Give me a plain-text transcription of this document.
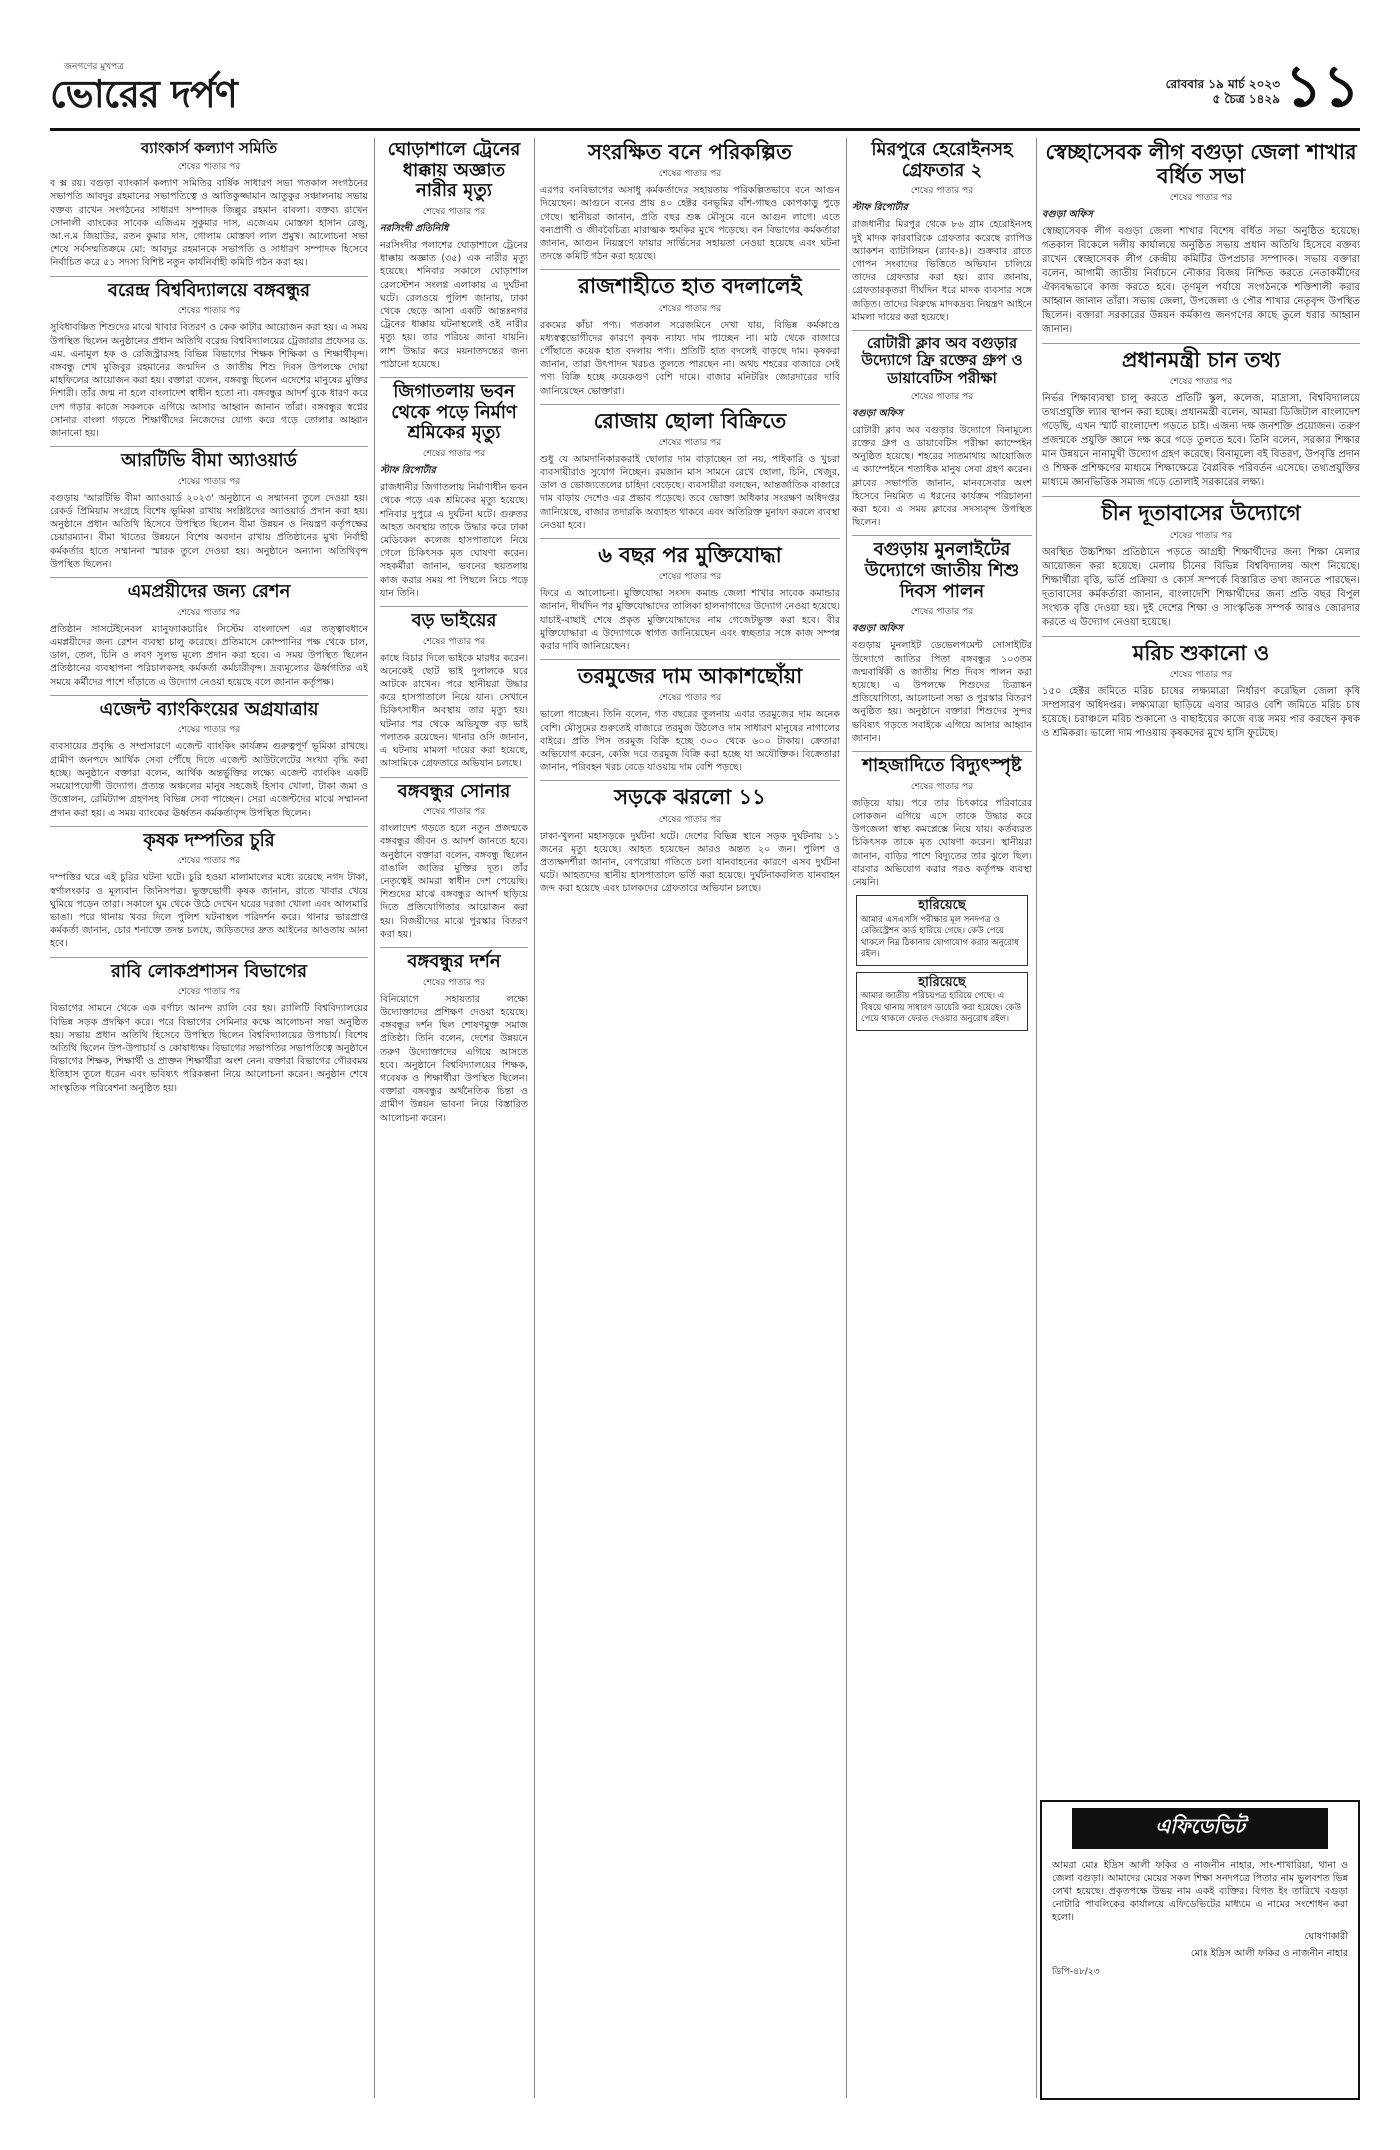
জনগণের মুখপত্র
ভোরের দর্পণ	রোববার ১৯ মার্চ ২০২৩
৫ চৈত্র ১৪২৯ ১১
ব্যাংকার্স কল্যাণ সমিতি
শেষের পাতার পর
ব ক্স রয়। বগুড়া ব্যাংকার্স কল্যাণ সমিতির বার্ষিক সাধারণ সভা গতকাল সংগঠনের সভাপতি আবদুর রহমানের সভাপতিত্বে ও আতিকুজ্জামান আতুকুর সঞ্চালনায় সভায় বক্তব্য রাখেন সংগঠনের সাধারণ সম্পাদক জিল্লুর রহমান বাবলা। বক্তব্য রাখেন সোনালী ব্যাংকের সাবেক এজিএম সুকুমার দাস, এজেএম মোস্তফা হাসান রেজু, আ.ন.ম জিয়াউর, রতন কুমার দাস, গোলাম মোস্তফা লাল প্রমুখ। আলোচনা সভা শেষে সর্বসম্মতিক্রমে মো: আবদুর রহমানকে সভাপতি ও সাধারণ সম্পাদক হিসেবে নির্বাচিত করে ৫১ সদস্য বিশিষ্ট নতুন কার্যনির্বাহী কমিটি গঠন করা হয়।
বরেন্দ্র বিশ্ববিদ্যালয়ে বঙ্গবন্ধুর
শেষের পাতার পর
সুবিধাবঞ্চিত শিশুদের মাঝে খাবার বিতরণ ও কেক কাটার আয়োজন করা হয়। এ সময় উপস্থিত ছিলেন অনুষ্ঠানের প্রধান অতিথি বরেন্দ্র বিশ্ববিদ্যালয়ের ট্রেজারার প্রফেসর ড. এম. এনামুল হক ও রেজিস্ট্রারসহ বিভিন্ন বিভাগের শিক্ষক শিক্ষিকা ও শিক্ষার্থীবৃন্দ। বঙ্গবন্ধু শেখ মুজিবুর রহমানের জন্মদিন ও জাতীয় শিশু দিবস উপলক্ষে দোয়া মাহফিলের আয়োজন করা হয়। বক্তারা বলেন, বঙ্গবন্ধু ছিলেন এদেশের মানুষের মুক্তির দিশারী। তাঁর জন্ম না হলে বাংলাদেশ স্বাধীন হতো না। বঙ্গবন্ধুর আদর্শ বুকে ধারণ করে দেশ গড়ার কাজে সকলকে এগিয়ে আসার আহ্বান জানান তাঁরা। বঙ্গবন্ধুর স্বপ্নের সোনার বাংলা গড়তে শিক্ষার্থীদের নিজেদের যোগ্য করে গড়ে তোলার আহ্বান জানানো হয়।
আরটিভি বীমা অ্যাওয়ার্ড
শেষের পাতার পর
বগুড়ায় 'আরটিভি বীমা অ্যাওয়ার্ড ২০২৩' অনুষ্ঠানে এ সম্মাননা তুলে দেওয়া হয়। রেকর্ড প্রিমিয়াম সংগ্রহে বিশেষ ভূমিকা রাখায় সংশ্লিষ্টদের অ্যাওয়ার্ড প্রদান করা হয়। অনুষ্ঠানে প্রধান অতিথি হিসেবে উপস্থিত ছিলেন বীমা উন্নয়ন ও নিয়ন্ত্রণ কর্তৃপক্ষের চেয়ারম্যান। বীমা খাতের উন্নয়নে বিশেষ অবদান রাখায় প্রতিষ্ঠানের মুখ্য নির্বাহী কর্মকর্তার হাতে সম্মাননা স্মারক তুলে দেওয়া হয়। অনুষ্ঠানে অন্যান্য অতিথিবৃন্দ উপস্থিত ছিলেন।
এমপ্রয়ীদের জন্য রেশন
শেষের পাতার পর
প্রতিষ্ঠান সাসটেইনেবল ম্যানুফ্যাকচারিং সিস্টেম বাংলাদেশ এর তত্ত্বাবধানে এমপ্লয়ীদের জন্য রেশন ব্যবস্থা চালু করেছে। প্রতিমাসে কোম্পানির পক্ষ থেকে চাল, ডাল, তেল, চিনি ও লবণ সুলভ মূল্যে প্রদান করা হবে। এ সময় উপস্থিত ছিলেন প্রতিষ্ঠানের ব্যবস্থাপনা পরিচালকসহ কর্মকর্তা কর্মচারীবৃন্দ। দ্রব্যমূল্যের ঊর্ধ্বগতির এই সময়ে কর্মীদের পাশে দাঁড়াতে এ উদ্যোগ নেওয়া হয়েছে বলে জানান কর্তৃপক্ষ।
এজেন্ট ব্যাংকিংয়ের অগ্রযাত্রায়
শেষের পাতার পর
ব্যবসায়ের প্রবৃদ্ধি ও সম্প্রসারণে এজেন্ট ব্যাংকিং কার্যক্রম গুরুত্বপূর্ণ ভূমিকা রাখছে। গ্রামীণ জনপদে আর্থিক সেবা পৌঁছে দিতে এজেন্ট আউটলেটের সংখ্যা বৃদ্ধি করা হচ্ছে। অনুষ্ঠানে বক্তারা বলেন, আর্থিক অন্তর্ভুক্তির লক্ষ্যে এজেন্ট ব্যাংকিং একটি সময়োপযোগী উদ্যোগ। প্রত্যন্ত অঞ্চলের মানুষ সহজেই হিসাব খোলা, টাকা জমা ও উত্তোলন, রেমিট্যান্স গ্রহণসহ বিভিন্ন সেবা পাচ্ছেন। সেরা এজেন্টদের মাঝে সম্মাননা প্রদান করা হয়। এ সময় ব্যাংকের ঊর্ধ্বতন কর্মকর্তাবৃন্দ উপস্থিত ছিলেন।
কৃষক দম্পতির চুরি
শেষের পাতার পর
দম্পত্তির ঘরে এই চুরির ঘটনা ঘটে। চুরি হওয়া মালামালের মধ্যে রয়েছে নগদ টাকা, স্বর্ণালংকার ও মূল্যবান জিনিসপত্র। ভুক্তভোগী কৃষক জানান, রাতে খাবার খেয়ে ঘুমিয়ে পড়েন তারা। সকালে ঘুম থেকে উঠে দেখেন ঘরের দরজা খোলা এবং আলমারি ভাঙা। পরে থানায় খবর দিলে পুলিশ ঘটনাস্থল পরিদর্শন করে। থানার ভারপ্রাপ্ত কর্মকর্তা জানান, চোর শনাক্তে তদন্ত চলছে, জড়িতদের দ্রুত আইনের আওতায় আনা হবে।
রাবি লোকপ্রশাসন বিভাগের
শেষের পাতার পর
বিভাগের সামনে থেকে এক বর্ণাঢ্য আনন্দ র‍্যালি বের হয়। র‍্যালিটি বিশ্ববিদ্যালয়ের বিভিন্ন সড়ক প্রদক্ষিণ করে। পরে বিভাগের সেমিনার কক্ষে আলোচনা সভা অনুষ্ঠিত হয়। সভায় প্রধান অতিথি হিসেবে উপস্থিত ছিলেন বিশ্ববিদ্যালয়ের উপাচার্য। বিশেষ অতিথি ছিলেন উপ-উপাচার্য ও কোষাধ্যক্ষ। বিভাগের সভাপতির সভাপতিত্বে অনুষ্ঠানে বিভাগের শিক্ষক, শিক্ষার্থী ও প্রাক্তন শিক্ষার্থীরা অংশ নেন। বক্তারা বিভাগের গৌরবময় ইতিহাস তুলে ধরেন এবং ভবিষ্যৎ পরিকল্পনা নিয়ে আলোচনা করেন। অনুষ্ঠান শেষে সাংস্কৃতিক পরিবেশনা অনুষ্ঠিত হয়।
ঘোড়াশালে ট্রেনের ধাক্কায় অজ্ঞাত নারীর মৃত্যু
শেষের পাতার পর
নরসিংদী প্রতিনিধি
নরসিংদীর পলাশের ঘোড়াশালে ট্রেনের ধাক্কায় অজ্ঞাত (৩৫) এক নারীর মৃত্যু হয়েছে। শনিবার সকালে ঘোড়াশাল রেলস্টেশন সংলগ্ন এলাকায় এ দুর্ঘটনা ঘটে। রেলওয়ে পুলিশ জানায়, ঢাকা থেকে ছেড়ে আসা একটি আন্তঃনগর ট্রেনের ধাক্কায় ঘটনাস্থলেই ওই নারীর মৃত্যু হয়। তার পরিচয় জানা যায়নি। লাশ উদ্ধার করে ময়নাতদন্তের জন্য পাঠানো হয়েছে।
জিগাতলায় ভবন থেকে পড়ে নির্মাণ শ্রমিকের মৃত্যু
শেষের পাতার পর
স্টাফ রিপোর্টার
রাজধানীর জিগাতলায় নির্মাণাধীন ভবন থেকে পড়ে এক শ্রমিকের মৃত্যু হয়েছে। শনিবার দুপুরে এ দুর্ঘটনা ঘটে। গুরুতর আহত অবস্থায় তাকে উদ্ধার করে ঢাকা মেডিকেল কলেজ হাসপাতালে নিয়ে গেলে চিকিৎসক মৃত ঘোষণা করেন। সহকর্মীরা জানান, ভবনের ছয়তলায় কাজ করার সময় পা পিছলে নিচে পড়ে যান তিনি।
বড় ভাইয়ের
শেষের পাতার পর
কাছে বিচার দিলে ভাইকে মারধর করেন। অনেকেই ছোট ভাই দুলালকে ঘরে আটকে রাখেন। পরে স্থানীয়রা উদ্ধার করে হাসপাতালে নিয়ে যান। সেখানে চিকিৎসাধীন অবস্থায় তার মৃত্যু হয়। ঘটনার পর থেকে অভিযুক্ত বড় ভাই পলাতক রয়েছেন। থানার ওসি জানান, এ ঘটনায় মামলা দায়ের করা হয়েছে, আসামিকে গ্রেফতারে অভিযান চলছে।
বঙ্গবন্ধুর সোনার
শেষের পাতার পর
বাংলাদেশ গড়তে হলে নতুন প্রজন্মকে বঙ্গবন্ধুর জীবন ও আদর্শ জানতে হবে। অনুষ্ঠানে বক্তারা বলেন, বঙ্গবন্ধু ছিলেন বাঙালি জাতির মুক্তির দূত। তাঁর নেতৃত্বেই আমরা স্বাধীন দেশ পেয়েছি। শিশুদের মাঝে বঙ্গবন্ধুর আদর্শ ছড়িয়ে দিতে প্রতিযোগিতার আয়োজন করা হয়। বিজয়ীদের মাঝে পুরস্কার বিতরণ করা হয়।
বঙ্গবন্ধুর দর্শন
শেষের পাতার পর
বিনিয়োগে সহায়তার লক্ষ্যে উদ্যোক্তাদের প্রশিক্ষণ দেওয়া হয়েছে। বঙ্গবন্ধুর দর্শন ছিল শোষণমুক্ত সমাজ প্রতিষ্ঠা। তিনি বলেন, দেশের উন্নয়নে তরুণ উদ্যোক্তাদের এগিয়ে আসতে হবে। অনুষ্ঠানে বিশ্ববিদ্যালয়ের শিক্ষক, গবেষক ও শিক্ষার্থীরা উপস্থিত ছিলেন। বক্তারা বঙ্গবন্ধুর অর্থনৈতিক চিন্তা ও গ্রামীণ উন্নয়ন ভাবনা নিয়ে বিস্তারিত আলোচনা করেন।
সংরক্ষিত বনে পরিকল্পিত
শেষের পাতার পর
এরপর বনবিভাগের অসাধু কর্মকর্তাদের সহায়তায় পরিকল্পিতভাবে বনে আগুন দিয়েছেন। আগুনে বনের প্রায় ৪০ হেক্টর বনভূমির বাঁশ-গাছও কোপকাড়ু পুড়ে গেছে। স্থানীয়রা জানান, প্রতি বছর শুষ্ক মৌসুমে বনে আগুন লাগে। এতে বন্যপ্রাণী ও জীববৈচিত্র্য মারাত্মক হুমকির মুখে পড়েছে। বন বিভাগের কর্মকর্তারা জানান, আগুন নিয়ন্ত্রণে ফায়ার সার্ভিসের সহায়তা নেওয়া হয়েছে এবং ঘটনা তদন্তে কমিটি গঠন করা হয়েছে।
রাজশাহীতে হাত বদলালেই
শেষের পাতার পর
রকমের কাঁচা পণ্য। গতকাল সরেজমিনে দেখা যায়, বিভিন্ন কর্মকাণ্ডে মধ্যস্বত্বভোগীদের কারণে কৃষক ন্যায্য দাম পাচ্ছেন না। মাঠ থেকে বাজারে পৌঁছাতে কয়েক হাত বদলায় পণ্য। প্রতিটি হাত বদলেই বাড়ছে দাম। কৃষকরা জানান, তারা উৎপাদন খরচও তুলতে পারছেন না। অথচ শহরের বাজারে সেই পণ্য বিক্রি হচ্ছে কয়েকগুণ বেশি দামে। বাজার মনিটরিং জোরদারের দাবি জানিয়েছেন ভোক্তারা।
রোজায় ছোলা বিক্রিতে
শেষের পাতার পর
শুধু যে আমদানিকারকরাই ছোলার দাম বাড়াচ্ছেন তা নয়, পাইকারি ও খুচরা ব্যবসায়ীরাও সুযোগ নিচ্ছেন। রমজান মাস সামনে রেখে ছোলা, চিনি, খেজুর, ডাল ও ভোজ্যতেলের চাহিদা বেড়েছে। ব্যবসায়ীরা বলছেন, আন্তর্জাতিক বাজারে দাম বাড়ায় দেশেও এর প্রভাব পড়েছে। তবে ভোক্তা অধিকার সংরক্ষণ অধিদপ্তর জানিয়েছে, বাজার তদারকি অব্যাহত থাকবে এবং অতিরিক্ত মুনাফা করলে ব্যবস্থা নেওয়া হবে।
৬ বছর পর মুক্তিযোদ্ধা
শেষের পাতার পর
ফিরে এ আলোচনা। মুক্তিযোদ্ধা সংসদ কমান্ড জেলা শাখার সাবেক কমান্ডার জানান, দীর্ঘদিন পর মুক্তিযোদ্ধাদের তালিকা হালনাগাদের উদ্যোগ নেওয়া হয়েছে। যাচাই-বাছাই শেষে প্রকৃত মুক্তিযোদ্ধাদের নাম গেজেটভুক্ত করা হবে। বীর মুক্তিযোদ্ধারা এ উদ্যোগকে স্বাগত জানিয়েছেন এবং স্বচ্ছতার সঙ্গে কাজ সম্পন্ন করার দাবি জানিয়েছেন।
তরমুজের দাম আকাশছোঁয়া
শেষের পাতার পর
ভালো পাচ্ছেন। তিনি বলেন, গত বছরের তুলনায় এবার তরমুজের দাম অনেক বেশি। মৌসুমের শুরুতেই বাজারে তরমুজ উঠলেও দাম সাধারণ মানুষের নাগালের বাইরে। প্রতি পিস তরমুজ বিক্রি হচ্ছে ৩০০ থেকে ৬০০ টাকায়। ক্রেতারা অভিযোগ করেন, কেজি দরে তরমুজ বিক্রি করা হচ্ছে যা অযৌক্তিক। বিক্রেতারা জানান, পরিবহন খরচ বেড়ে যাওয়ায় দাম বেশি পড়ছে।
সড়কে ঝরলো ১১
শেষের পাতার পর
ঢাকা-খুলনা মহাসড়কে দুর্ঘটনা ঘটে। দেশের বিভিন্ন স্থানে সড়ক দুর্ঘটনায় ১১ জনের মৃত্যু হয়েছে। আহত হয়েছেন আরও অন্তত ২০ জন। পুলিশ ও প্রত্যক্ষদর্শীরা জানান, বেপরোয়া গতিতে চলা যানবাহনের কারণে এসব দুর্ঘটনা ঘটে। আহতদের স্থানীয় হাসপাতালে ভর্তি করা হয়েছে। দুর্ঘটনাকবলিত যানবাহন জব্দ করা হয়েছে এবং চালকদের গ্রেফতারে অভিযান চলছে।
মিরপুরে হেরোইনসহ গ্রেফতার ২
শেষের পাতার পর
স্টাফ রিপোর্টার
রাজধানীর মিরপুর থেকে ৮৬ গ্রাম হেরোইনসহ দুই মাদক কারবারিকে গ্রেফতার করেছে র‍্যাপিড অ্যাকশন ব্যাটালিয়ন (র‍্যাব-৪)। শুক্রবার রাতে গোপন সংবাদের ভিত্তিতে অভিযান চালিয়ে তাদের গ্রেফতার করা হয়। র‍্যাব জানায়, গ্রেফতারকৃতরা দীর্ঘদিন ধরে মাদক ব্যবসার সঙ্গে জড়িত। তাদের বিরুদ্ধে মাদকদ্রব্য নিয়ন্ত্রণ আইনে মামলা দায়ের করা হয়েছে।
রোটারী ক্লাব অব বগুড়ার উদ্যোগে ফ্রি রক্তের গ্রুপ ও ডায়াবেটিস পরীক্ষা
শেষের পাতার পর
বগুড়া অফিস
রোটারী ক্লাব অব বগুড়ার উদ্যোগে বিনামূল্যে রক্তের গ্রুপ ও ডায়াবেটিস পরীক্ষা ক্যাম্পেইন অনুষ্ঠিত হয়েছে। শহরের সাতমাথায় আয়োজিত এ ক্যাম্পেইনে শতাধিক মানুষ সেবা গ্রহণ করেন। ক্লাবের সভাপতি জানান, মানবসেবার অংশ হিসেবে নিয়মিত এ ধরনের কার্যক্রম পরিচালনা করা হবে। এ সময় ক্লাবের সদস্যবৃন্দ উপস্থিত ছিলেন।
বগুড়ায় মুনলাইটের উদ্যোগে জাতীয় শিশু দিবস পালন
শেষের পাতার পর
বগুড়া অফিস
বগুড়ায় মুনলাইট ডেভেলপমেন্ট সোসাইটির উদ্যোগে জাতির পিতা বঙ্গবন্ধুর ১০৩তম জন্মবার্ষিকী ও জাতীয় শিশু দিবস পালন করা হয়েছে। এ উপলক্ষে শিশুদের চিত্রাঙ্কন প্রতিযোগিতা, আলোচনা সভা ও পুরস্কার বিতরণ অনুষ্ঠিত হয়। অনুষ্ঠানে বক্তারা শিশুদের সুন্দর ভবিষ্যৎ গড়তে সবাইকে এগিয়ে আসার আহ্বান জানান।
শাহজাদিতে বিদ্যুৎস্পৃষ্ট
শেষের পাতার পর
জড়িয়ে যায়। পরে তার চিৎকারে পরিবারের লোকজন এগিয়ে এসে তাকে উদ্ধার করে উপজেলা স্বাস্থ্য কমপ্লেক্সে নিয়ে যায়। কর্তব্যরত চিকিৎসক তাকে মৃত ঘোষণা করেন। স্থানীয়রা জানান, বাড়ির পাশে বিদ্যুতের তার ঝুলে ছিল। বারবার অভিযোগ করার পরও কর্তৃপক্ষ ব্যবস্থা নেয়নি।
হারিয়েছে
আমার এসএসসি পরীক্ষার মূল সনদপত্র ও রেজিস্ট্রেশন কার্ড হারিয়ে গেছে। কেউ পেয়ে থাকলে নিম্ন ঠিকানায় যোগাযোগ করার অনুরোধ রইল।
হারিয়েছে
আমার জাতীয় পরিচয়পত্র হারিয়ে গেছে। এ বিষয়ে থানায় সাধারণ ডায়েরি করা হয়েছে। কেউ পেয়ে থাকলে ফেরত দেওয়ার অনুরোধ রইল।
স্বেচ্ছাসেবক লীগ বগুড়া জেলা শাখার বর্ধিত সভা
শেষের পাতার পর
বগুড়া অফিস
স্বেচ্ছাসেবক লীগ বগুড়া জেলা শাখার বিশেষ বর্ধিত সভা অনুষ্ঠিত হয়েছে। গতকাল বিকেলে দলীয় কার্যালয়ে অনুষ্ঠিত সভায় প্রধান অতিথি হিসেবে বক্তব্য রাখেন স্বেচ্ছাসেবক লীগ কেন্দ্রীয় কমিটির উপপ্রচার সম্পাদক। সভায় বক্তারা বলেন, আগামী জাতীয় নির্বাচনে নৌকার বিজয় নিশ্চিত করতে নেতাকর্মীদের ঐক্যবদ্ধভাবে কাজ করতে হবে। তৃণমূল পর্যায়ে সংগঠনকে শক্তিশালী করার আহ্বান জানান তাঁরা। সভায় জেলা, উপজেলা ও পৌর শাখার নেতৃবৃন্দ উপস্থিত ছিলেন। বক্তারা সরকারের উন্নয়ন কর্মকাণ্ড জনগণের কাছে তুলে ধরার আহ্বান জানান।
প্রধানমন্ত্রী চান তথ্য
শেষের পাতার পর
নির্ভর শিক্ষাব্যবস্থা চালু করতে প্রতিটি স্কুল, কলেজ, মাদ্রাসা, বিশ্ববিদ্যালয়ে তথ্যপ্রযুক্তি ল্যাব স্থাপন করা হচ্ছে। প্রধানমন্ত্রী বলেন, আমরা ডিজিটাল বাংলাদেশ গড়েছি, এখন স্মার্ট বাংলাদেশ গড়তে চাই। এজন্য দক্ষ জনশক্তি প্রয়োজন। তরুণ প্রজন্মকে প্রযুক্তি জ্ঞানে দক্ষ করে গড়ে তুলতে হবে। তিনি বলেন, সরকার শিক্ষার মান উন্নয়নে নানামুখী উদ্যোগ গ্রহণ করেছে। বিনামূল্যে বই বিতরণ, উপবৃত্তি প্রদান ও শিক্ষক প্রশিক্ষণের মাধ্যমে শিক্ষাক্ষেত্রে বৈপ্লবিক পরিবর্তন এসেছে। তথ্যপ্রযুক্তির মাধ্যমে জ্ঞানভিত্তিক সমাজ গড়ে তোলাই সরকারের লক্ষ্য।
চীন দূতাবাসের উদ্যোগে
শেষের পাতার পর
অবস্থিত উচ্চশিক্ষা প্রতিষ্ঠানে পড়তে আগ্রহী শিক্ষার্থীদের জন্য শিক্ষা মেলার আয়োজন করা হয়েছে। মেলায় চীনের বিভিন্ন বিশ্ববিদ্যালয় অংশ নিয়েছে। শিক্ষার্থীরা বৃত্তি, ভর্তি প্রক্রিয়া ও কোর্স সম্পর্কে বিস্তারিত তথ্য জানতে পারছেন। দূতাবাসের কর্মকর্তারা জানান, বাংলাদেশি শিক্ষার্থীদের জন্য প্রতি বছর বিপুল সংখ্যক বৃত্তি দেওয়া হয়। দুই দেশের শিক্ষা ও সাংস্কৃতিক সম্পর্ক আরও জোরদার করতে এ উদ্যোগ নেওয়া হয়েছে।
মরিচ শুকানো ও
শেষের পাতার পর
১৫০ হেক্টর জমিতে মরিচ চাষের লক্ষ্যমাত্রা নির্ধারণ করেছিল জেলা কৃষি সম্প্রসারণ অধিদপ্তর। লক্ষ্যমাত্রা ছাড়িয়ে এবার আরও বেশি জমিতে মরিচ চাষ হয়েছে। চরাঞ্চলে মরিচ শুকানো ও বাছাইয়ের কাজে ব্যস্ত সময় পার করছেন কৃষক ও শ্রমিকরা। ভালো দাম পাওয়ায় কৃষকদের মুখে হাসি ফুটেছে।
এফিডেভিট
আমরা মোঃ ইদ্রিস আলী ফকির ও নাজনীন নাহার, সাং-শাখারিয়া, থানা ও জেলা বগুড়া। আমাদের মেয়ের সকল শিক্ষা সনদপত্রে পিতার নাম ভুলবশত ভিন্ন লেখা হয়েছে। প্রকৃতপক্ষে উভয় নাম একই ব্যক্তির। বিগত ইং তারিখে বগুড়া নোটারি পাবলিকের কার্যালয়ে এফিডেভিটের মাধ্যমে এ নামের সংশোধন করা হলো।
ঘোষণাকারী
মোঃ ইদ্রিস আলী ফকির ও নাজনীন নাহার
ডিপি-৪৮/২৩
